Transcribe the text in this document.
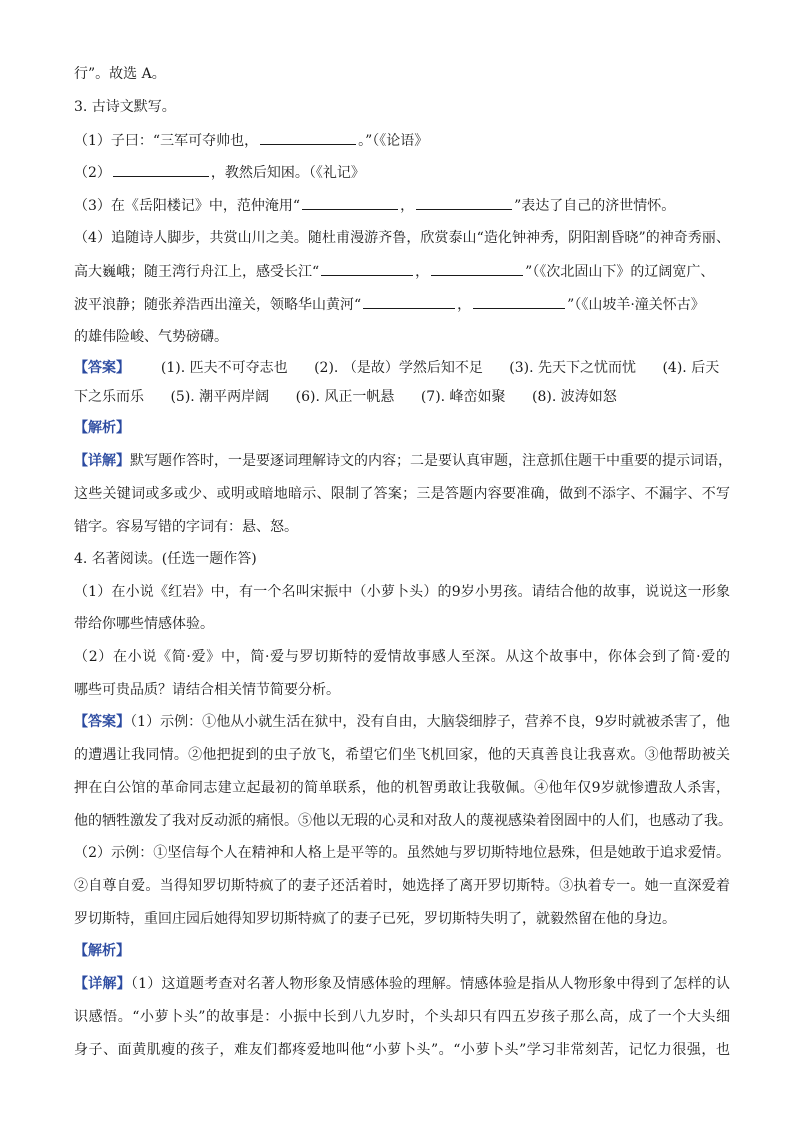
行”。故选 A。
3. 古诗文默写。
（1）子曰：“三军可夺帅也，	。”（《论语》
（2）	，教然后知困。（《礼记》
（3）在《岳阳楼记》中，范仲淹用“	，	”表达了自己的济世情怀。
（4）追随诗人脚步，共赏山川之美。随杜甫漫游齐鲁，欣赏泰山“造化钟神秀，阴阳割昏晓”的神奇秀丽、
高大巍峨；随王湾行舟江上，感受长江“	，	”（《次北固山下》的辽阔宽广、
波平浪静；随张养浩西出潼关，领略华山黄河“	，	”（《山坡羊·潼关怀古》
的雄伟险峻、气势磅礴。
【答案】 (1). 匹夫不可夺志也 (2). （是故）学然后知不足 (3). 先天下之忧而忧 (4). 后天
下之乐而乐 (5). 潮平两岸阔 (6). 风正一帆悬 (7). 峰峦如聚 (8). 波涛如怒
【解析】
【详解】默写题作答时，一是要逐词理解诗文的内容；二是要认真审题，注意抓住题干中重要的提示词语，
这些关键词或多或少、或明或暗地暗示、限制了答案；三是答题内容要准确，做到不添字、不漏字、不写
错字。容易写错的字词有：悬、怒。
4. 名著阅读。(任选一题作答)
（1）在小说《红岩》中，有一个名叫宋振中（小萝卜头）的9岁小男孩。请结合他的故事，说说这一形象
带给你哪些情感体验。
（2）在小说《简·爱》中，简·爱与罗切斯特的爱情故事感人至深。从这个故事中，你体会到了简·爱的
哪些可贵品质？请结合相关情节简要分析。
【答案】（1）示例：①他从小就生活在狱中，没有自由，大脑袋细脖子，营养不良，9岁时就被杀害了，他
的遭遇让我同情。②他把捉到的虫子放飞，希望它们坐飞机回家，他的天真善良让我喜欢。③他帮助被关
押在白公馆的革命同志建立起最初的简单联系，他的机智勇敢让我敬佩。④他年仅9岁就惨遭敌人杀害，
他的牺牲激发了我对反动派的痛恨。⑤他以无瑕的心灵和对敌人的蔑视感染着囹圄中的人们，也感动了我。
（2）示例：①坚信每个人在精神和人格上是平等的。虽然她与罗切斯特地位悬殊，但是她敢于追求爱情。
②自尊自爱。当得知罗切斯特疯了的妻子还活着时，她选择了离开罗切斯特。③执着专一。她一直深爱着
罗切斯特，重回庄园后她得知罗切斯特疯了的妻子已死，罗切斯特失明了，就毅然留在他的身边。
【解析】
【详解】（1）这道题考查对名著人物形象及情感体验的理解。情感体验是指从人物形象中得到了怎样的认
识感悟。“小萝卜头”的故事是：小振中长到八九岁时，个头却只有四五岁孩子那么高，成了一个大头细
身子、面黄肌瘦的孩子，难友们都疼爱地叫他“小萝卜头”。“小萝卜头”学习非常刻苦，记忆力很强，也
